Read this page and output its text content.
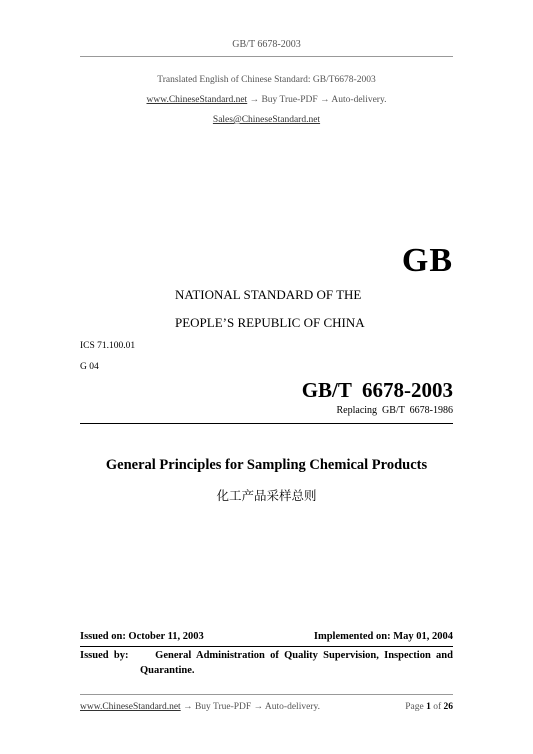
GB/T 6678-2003
Translated English of Chinese Standard: GB/T6678-2003
www.ChineseStandard.net → Buy True-PDF → Auto-delivery.
Sales@ChineseStandard.net
GB
NATIONAL STANDARD OF THE
PEOPLE’S REPUBLIC OF CHINA
ICS 71.100.01
G 04
GB/T  6678-2003
Replacing  GB/T  6678-1986
General Principles for Sampling Chemical Products
化工产品采样总则
Issued on: October 11, 2003	Implemented on: May 01, 2004
Issued  by:	General  Administration  of  Quality  Supervision,  Inspection  and
Quarantine.
www.ChineseStandard.net → Buy True-PDF → Auto-delivery.	Page 1 of 26
